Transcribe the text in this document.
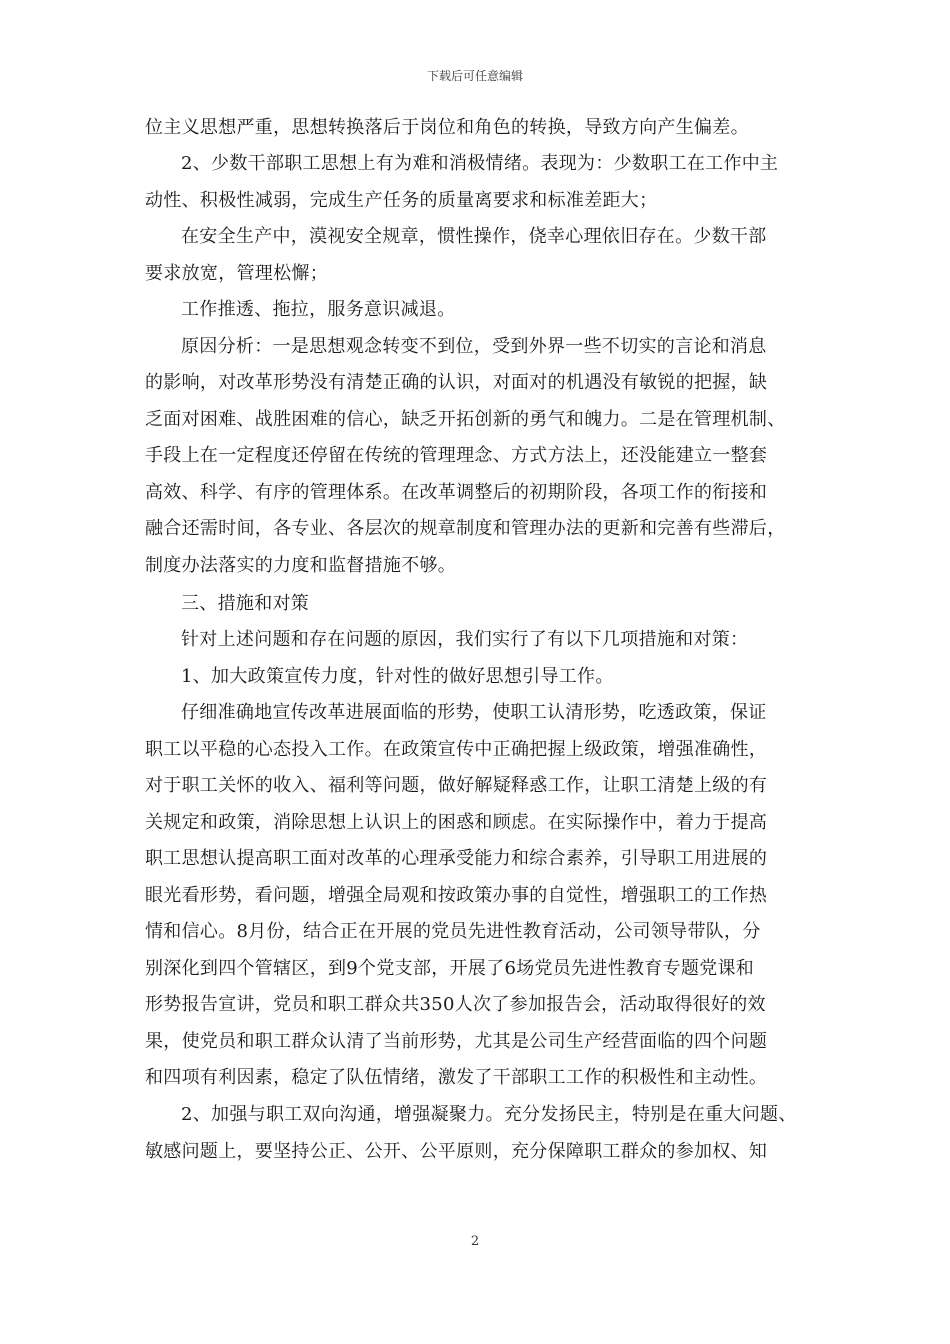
下载后可任意编辑
位主义思想严重，思想转换落后于岗位和角色的转换，导致方向产生偏差。
2、少数干部职工思想上有为难和消极情绪。表现为：少数职工在工作中主
动性、积极性减弱，完成生产任务的质量离要求和标准差距大；
在安全生产中，漠视安全规章，惯性操作，侥幸心理依旧存在。少数干部
要求放宽，管理松懈；
工作推透、拖拉，服务意识减退。
原因分析：一是思想观念转变不到位，受到外界一些不切实的言论和消息
的影响，对改革形势没有清楚正确的认识，对面对的机遇没有敏锐的把握，缺
乏面对困难、战胜困难的信心，缺乏开拓创新的勇气和魄力。二是在管理机制、
手段上在一定程度还停留在传统的管理理念、方式方法上，还没能建立一整套
高效、科学、有序的管理体系。在改革调整后的初期阶段，各项工作的衔接和
融合还需时间，各专业、各层次的规章制度和管理办法的更新和完善有些滞后，
制度办法落实的力度和监督措施不够。
三、措施和对策
针对上述问题和存在问题的原因，我们实行了有以下几项措施和对策：
1、加大政策宣传力度，针对性的做好思想引导工作。
仔细准确地宣传改革进展面临的形势，使职工认清形势，吃透政策，保证
职工以平稳的心态投入工作。在政策宣传中正确把握上级政策，增强准确性，
对于职工关怀的收入、福利等问题，做好解疑释惑工作，让职工清楚上级的有
关规定和政策，消除思想上认识上的困惑和顾虑。在实际操作中，着力于提高
职工思想认提高职工面对改革的心理承受能力和综合素养，引导职工用进展的
眼光看形势，看问题，增强全局观和按政策办事的自觉性，增强职工的工作热
情和信心。8月份，结合正在开展的党员先进性教育活动，公司领导带队，分
别深化到四个管辖区，到9个党支部，开展了6场党员先进性教育专题党课和
形势报告宣讲，党员和职工群众共350人次了参加报告会，活动取得很好的效
果，使党员和职工群众认清了当前形势，尤其是公司生产经营面临的四个问题
和四项有利因素，稳定了队伍情绪，激发了干部职工工作的积极性和主动性。
2、加强与职工双向沟通，增强凝聚力。充分发扬民主，特别是在重大问题、
敏感问题上，要坚持公正、公开、公平原则，充分保障职工群众的参加权、知
2
